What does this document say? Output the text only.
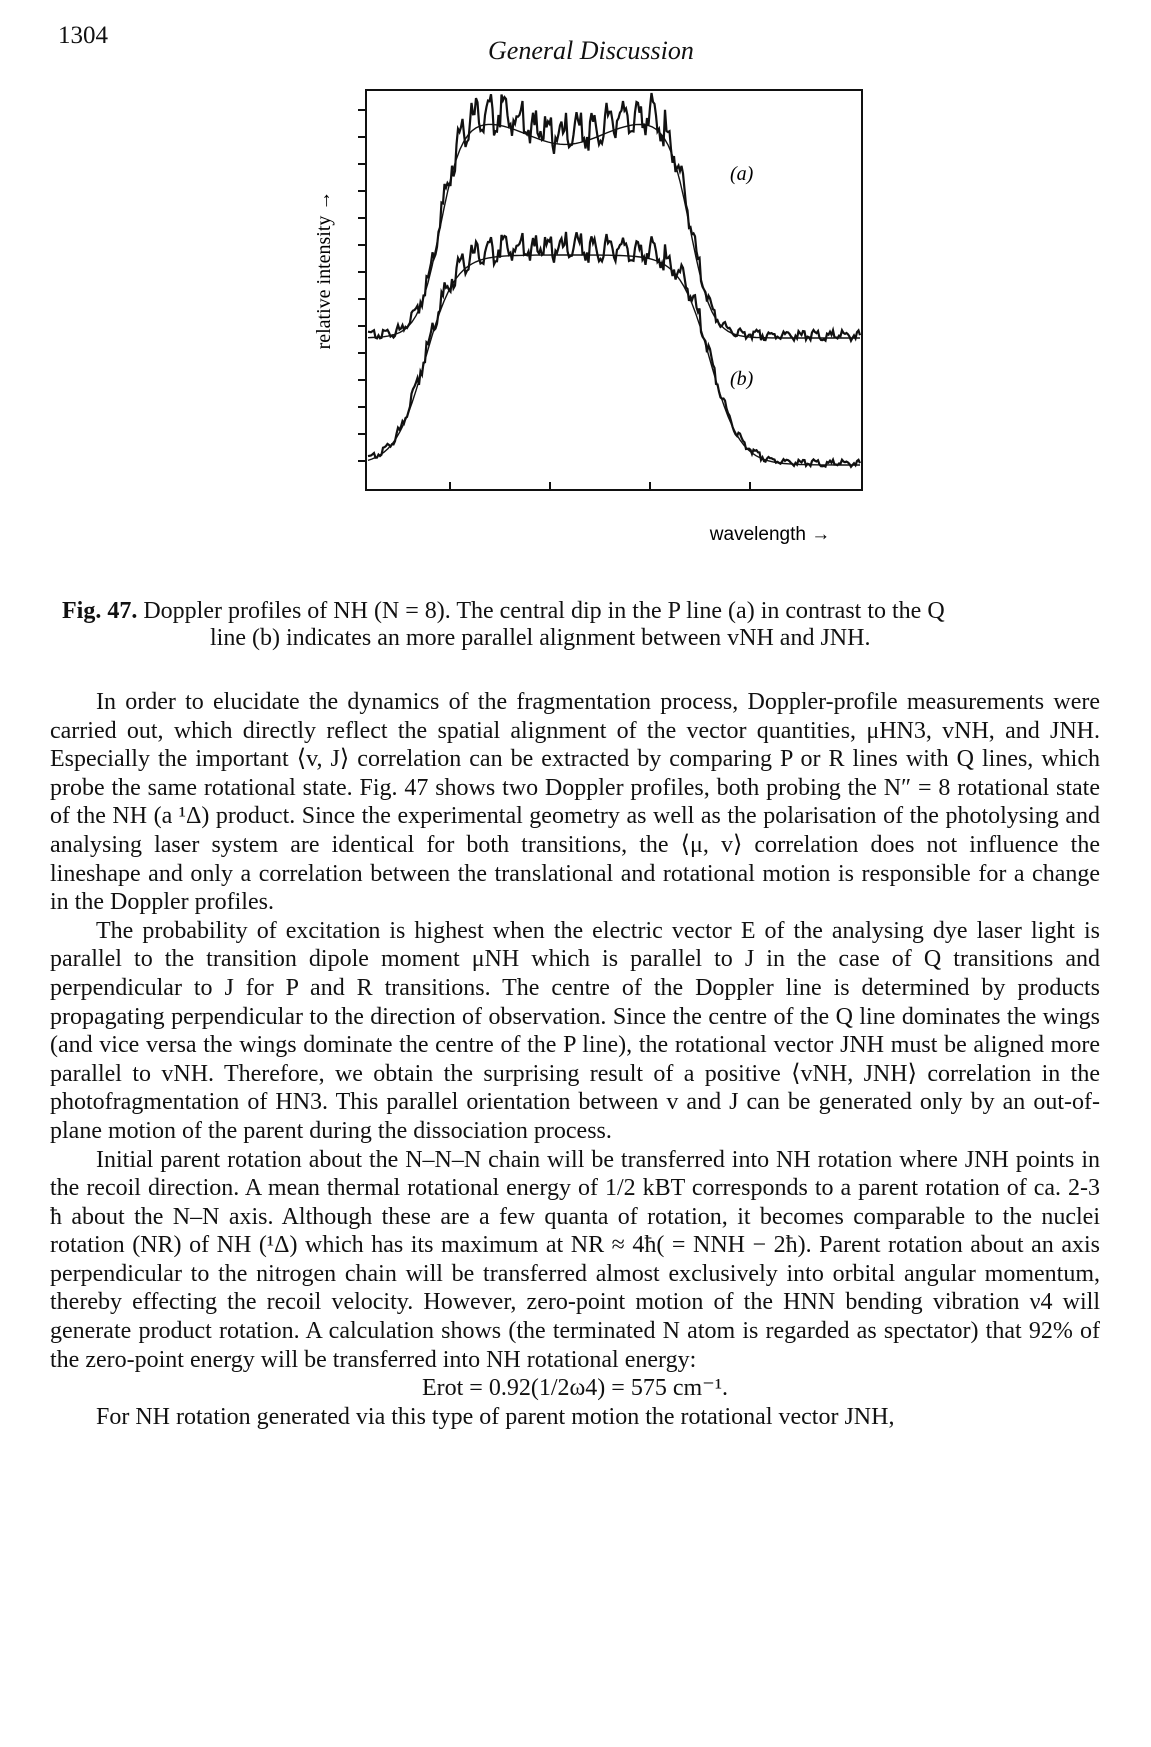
1304
General Discussion
(a)
(b)
relative intensity →
wavelength →
Fig. 47. Doppler profiles of NH (N = 8). The central dip in the P line (a) in contrast to the Q
line (b) indicates an more parallel alignment between vNH and JNH.

In order to elucidate the dynamics of the fragmentation process, Doppler-profile measurements were carried out, which directly reflect the spatial alignment of the vector quantities, μHN3, vNH, and JNH. Especially the important ⟨v, J⟩ correlation can be extracted by comparing P or R lines with Q lines, which probe the same rotational state. Fig. 47 shows two Doppler profiles, both probing the N″ = 8 rotational state of the NH (a ¹Δ) product. Since the experimental geometry as well as the polarisation of the photolysing and analysing laser system are identical for both transitions, the ⟨μ, v⟩ correlation does not influence the lineshape and only a correlation between the translational and rotational motion is responsible for a change in the Doppler profiles.

The probability of excitation is highest when the electric vector E of the analysing dye laser light is parallel to the transition dipole moment μNH which is parallel to J in the case of Q transitions and perpendicular to J for P and R transitions. The centre of the Doppler line is determined by products propagating perpendicular to the direction of observation. Since the centre of the Q line dominates the wings (and vice versa the wings dominate the centre of the P line), the rotational vector JNH must be aligned more parallel to vNH. Therefore, we obtain the surprising result of a positive ⟨vNH, JNH⟩ correlation in the photofragmentation of HN3. This parallel orientation between v and J can be generated only by an out-of-plane motion of the parent during the dissociation process.

Initial parent rotation about the N–N–N chain will be transferred into NH rotation where JNH points in the recoil direction. A mean thermal rotational energy of 1/2 kBT corresponds to a parent rotation of ca. 2-3 ħ about the N–N axis. Although these are a few quanta of rotation, it becomes comparable to the nuclei rotation (NR) of NH (¹Δ) which has its maximum at NR ≈ 4ħ( = NNH − 2ħ). Parent rotation about an axis perpendicular to the nitrogen chain will be transferred almost exclusively into orbital angular momentum, thereby effecting the recoil velocity. However, zero-point motion of the HNN bending vibration ν4 will generate product rotation. A calculation shows (the terminated N atom is regarded as spectator) that 92% of the zero-point energy will be transferred into NH rotational energy:

Erot = 0.92(1/2ω4) = 575 cm⁻¹.

For NH rotation generated via this type of parent motion the rotational vector JNH,
